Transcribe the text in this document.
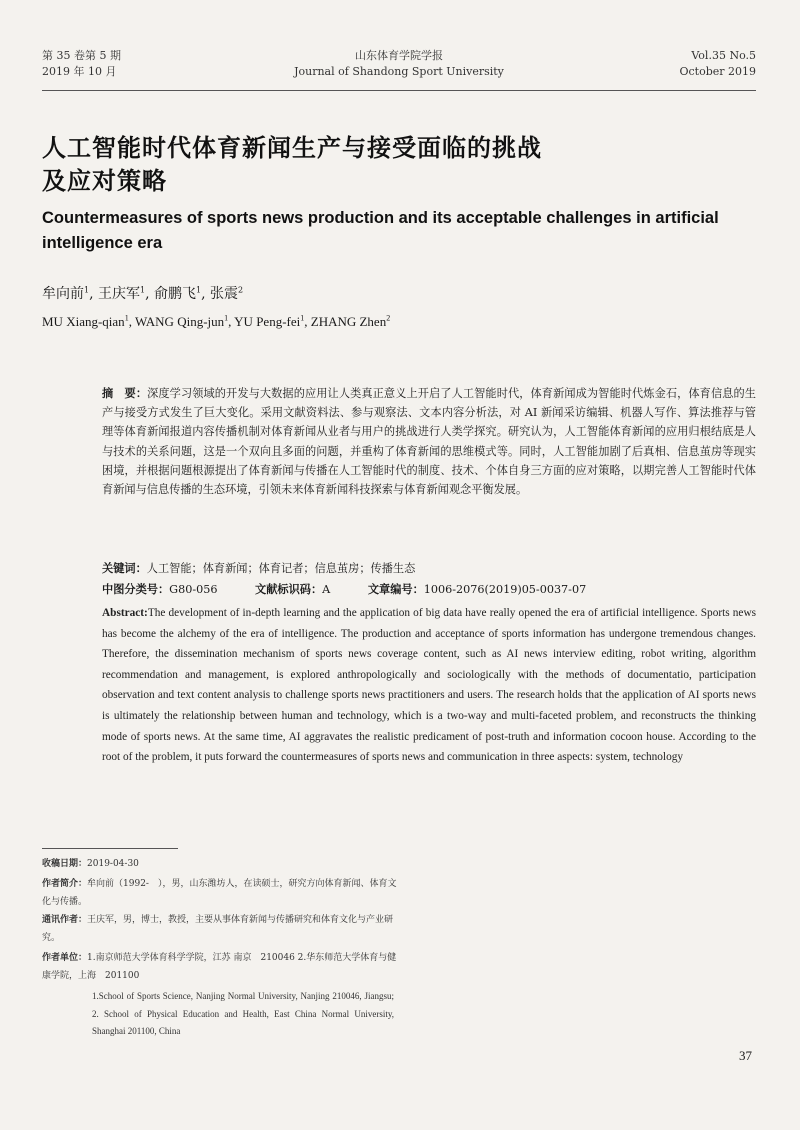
第 35 卷第 5 期
2019 年 10 月
山东体育学院学报
Journal of Shandong Sport University
Vol.35 No.5
October 2019
人工智能时代体育新闻生产与接受面临的挑战
及应对策略
Countermeasures of sports news production and its acceptable challenges in artificial intelligence era
牟向前$^1$, 王庆军$^1$, 俞鹏飞$^1$, 张震$^2$
MU Xiang-qian$^1$, WANG Qing-jun$^1$, YU Peng-fei$^1$, ZHANG Zhen$^2$
摘　要：深度学习领域的开发与大数据的应用让人类真正意义上开启了人工智能时代，体育新闻成为智能时代炼金石，体育信息的生产与接受方式发生了巨大变化。采用文献资料法、参与观察法、文本内容分析法，对 AI 新闻采访编辑、机器人写作、算法推荐与管理等体育新闻报道内容传播机制对体育新闻从业者与用户的挑战进行人类学探究。研究认为，人工智能体育新闻的应用归根结底是人与技术的关系问题，这是一个双向且多面的问题，并重构了体育新闻的思维模式等。同时，人工智能加剧了后真相、信息茧房等现实困境，并根据问题根源提出了体育新闻与传播在人工智能时代的制度、技术、个体自身三方面的应对策略，以期完善人工智能时代体育新闻与信息传播的生态环境，引领未来体育新闻科技探索与体育新闻观念平衡发展。
关键词：人工智能；体育新闻；体育记者；信息茧房；传播生态
中图分类号：G80-056	文献标识码：A	文章编号：1006-2076(2019)05-0037-07
Abstract:The development of in-depth learning and the application of big data have really opened the era of artificial intelligence. Sports news has become the alchemy of the era of intelligence. The production and acceptance of sports information has undergone tremendous changes. Therefore, the dissemination mechanism of sports news coverage content, such as AI news interview editing, robot writing, algorithm recommendation and management, is explored anthropologically and sociologically with the methods of documentatio, participation observation and text content analysis to challenge sports news practitioners and users. The research holds that the application of AI sports news is ultimately the relationship between human and technology, which is a two-way and multi-faceted problem, and reconstructs the thinking mode of sports news. At the same time, AI aggravates the realistic predicament of post-truth and information cocoon house. According to the root of the problem, it puts forward the countermeasures of sports news and communication in three aspects: system, technology
收稿日期：2019-04-30
作者简介：牟向前（1992-　），男，山东潍坊人，在读硕士，研究方向体育新闻、体育文化与传播。
通讯作者：王庆军，男，博士，教授，主要从事体育新闻与传播研究和体育文化与产业研究。
作者单位：1.南京师范大学体育科学学院，江苏 南京　210046 2.华东师范大学体育与健康学院，上海　201100
1.School of Sports Science, Nanjing Normal University, Nanjing 210046, Jiangsu; 2. School of Physical Education and Health, East China Normal University, Shanghai 201100, China
37
